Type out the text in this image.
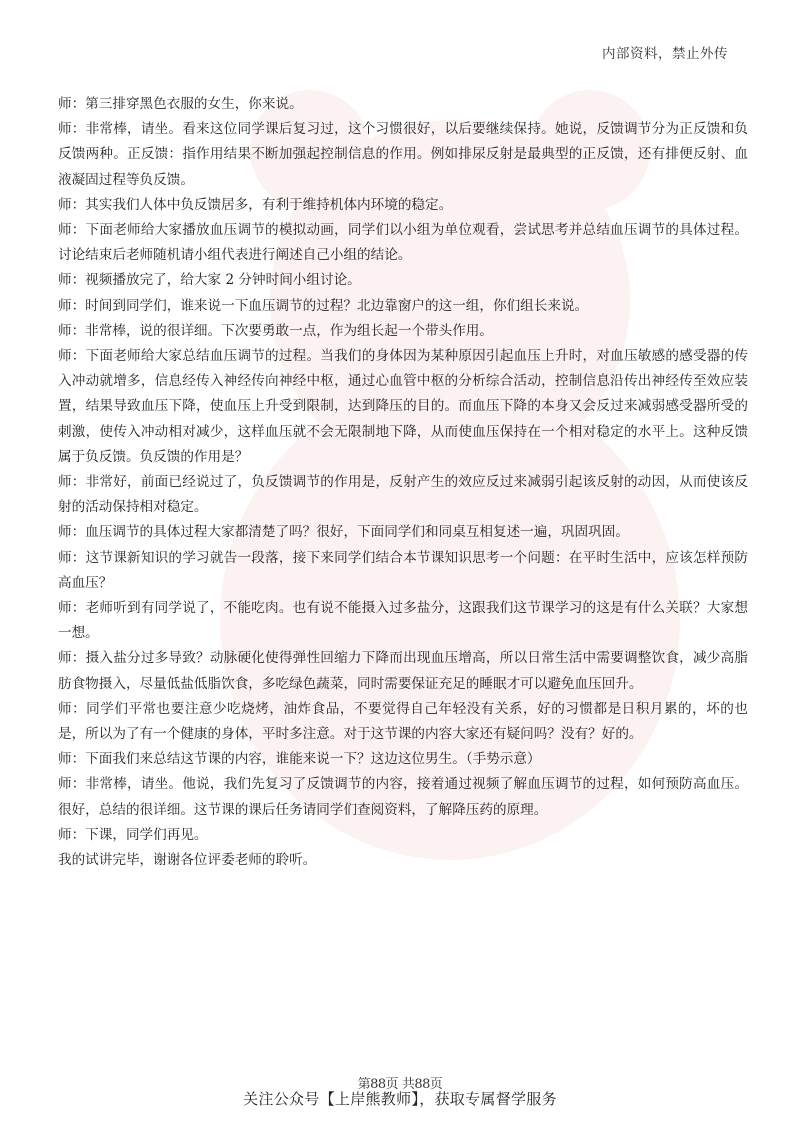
内部资料，禁止外传

师：第三排穿黑色衣服的女生，你来说。

师：非常棒，请坐。看来这位同学课后复习过，这个习惯很好，以后要继续保持。她说，反馈调节分为正反馈和负反馈两种。正反馈：指作用结果不断加强起控制信息的作用。例如排尿反射是最典型的正反馈，还有排便反射、血液凝固过程等负反馈。

师：其实我们人体中负反馈居多，有利于维持机体内环境的稳定。

师：下面老师给大家播放血压调节的模拟动画，同学们以小组为单位观看，尝试思考并总结血压调节的具体过程。讨论结束后老师随机请小组代表进行阐述自己小组的结论。

师：视频播放完了，给大家 2 分钟时间小组讨论。

师：时间到同学们，谁来说一下血压调节的过程？北边靠窗户的这一组，你们组长来说。

师：非常棒，说的很详细。下次要勇敢一点，作为组长起一个带头作用。

师：下面老师给大家总结血压调节的过程。当我们的身体因为某种原因引起血压上升时，对血压敏感的感受器的传入冲动就增多，信息经传入神经传向神经中枢，通过心血管中枢的分析综合活动，控制信息沿传出神经传至效应装置，结果导致血压下降，使血压上升受到限制，达到降压的目的。而血压下降的本身又会反过来减弱感受器所受的刺激，使传入冲动相对减少，这样血压就不会无限制地下降，从而使血压保持在一个相对稳定的水平上。这种反馈属于负反馈。负反馈的作用是？

师：非常好，前面已经说过了，负反馈调节的作用是，反射产生的效应反过来减弱引起该反射的动因，从而使该反射的活动保持相对稳定。

师：血压调节的具体过程大家都清楚了吗？很好，下面同学们和同桌互相复述一遍，巩固巩固。

师：这节课新知识的学习就告一段落，接下来同学们结合本节课知识思考一个问题：在平时生活中，应该怎样预防高血压？

师：老师听到有同学说了，不能吃肉。也有说不能摄入过多盐分，这跟我们这节课学习的这是有什么关联？大家想一想。

师：摄入盐分过多导致？动脉硬化使得弹性回缩力下降而出现血压增高，所以日常生活中需要调整饮食，减少高脂肪食物摄入，尽量低盐低脂饮食，多吃绿色蔬菜，同时需要保证充足的睡眠才可以避免血压回升。

师：同学们平常也要注意少吃烧烤，油炸食品，不要觉得自己年轻没有关系，好的习惯都是日积月累的，坏的也是，所以为了有一个健康的身体，平时多注意。对于这节课的内容大家还有疑问吗？没有？好的。

师：下面我们来总结这节课的内容，谁能来说一下？这边这位男生。（手势示意）

师：非常棒，请坐。他说，我们先复习了反馈调节的内容，接着通过视频了解血压调节的过程，如何预防高血压。很好，总结的很详细。这节课的课后任务请同学们查阅资料，了解降压药的原理。

师：下课，同学们再见。

我的试讲完毕，谢谢各位评委老师的聆听。

第88页 共88页
关注公众号【上岸熊教师】，获取专属督学服务
